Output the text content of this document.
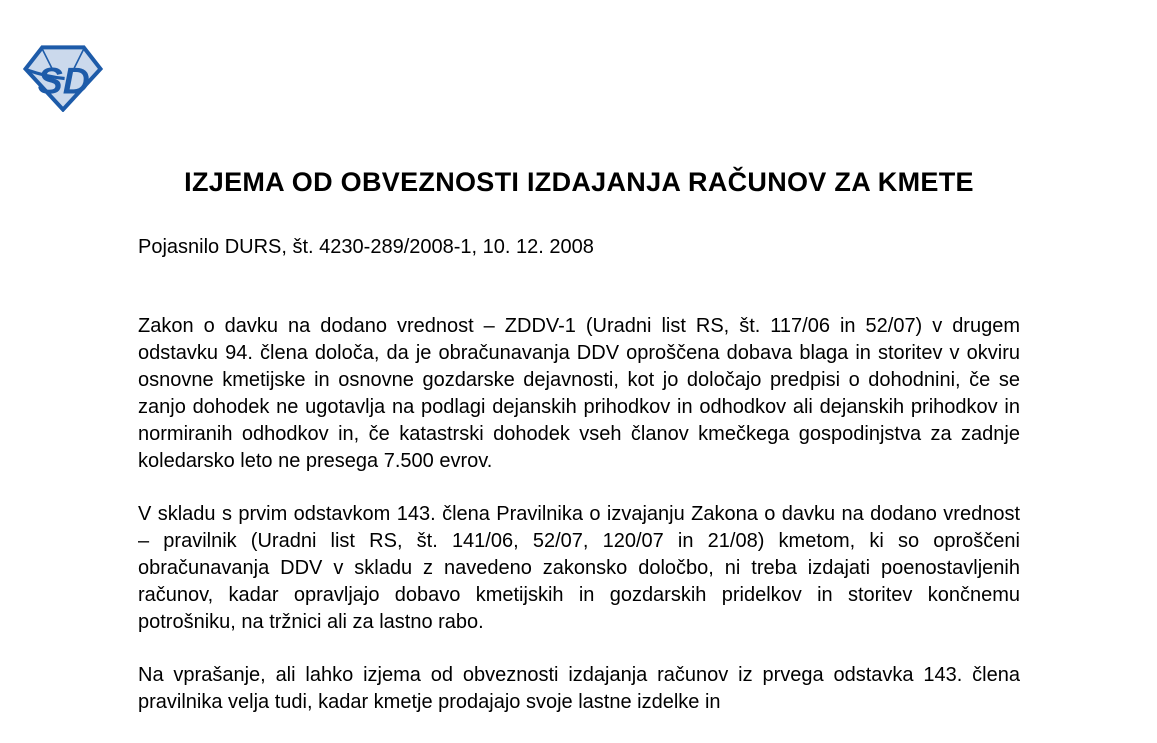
SD
IZJEMA OD OBVEZNOSTI IZDAJANJA RAČUNOV ZA KMETE

Pojasnilo DURS, št. 4230-289/2008-1, 10. 12. 2008

Zakon o davku na dodano vrednost – ZDDV-1 (Uradni list RS, št. 117/06 in 52/07) v drugem odstavku 94. člena določa, da je obračunavanja DDV oproščena dobava blaga in storitev v okviru osnovne kmetijske in osnovne gozdarske dejavnosti, kot jo določajo predpisi o dohodnini, če se zanjo dohodek ne ugotavlja na podlagi dejanskih prihodkov in odhodkov ali dejanskih prihodkov in normiranih odhodkov in, če katastrski dohodek vseh članov kmečkega gospodinjstva za zadnje koledarsko leto ne presega 7.500 evrov.

V skladu s prvim odstavkom 143. člena Pravilnika o izvajanju Zakona o davku na dodano vrednost – pravilnik (Uradni list RS, št. 141/06, 52/07, 120/07 in 21/08) kmetom, ki so oproščeni obračunavanja DDV v skladu z navedeno zakonsko določbo, ni treba izdajati poenostavljenih računov, kadar opravljajo dobavo kmetijskih in gozdarskih pridelkov in storitev končnemu potrošniku, na tržnici ali za lastno rabo.

Na vprašanje, ali lahko izjema od obveznosti izdajanja računov iz prvega odstavka 143. člena pravilnika velja tudi, kadar kmetje prodajajo svoje lastne izdelke in
